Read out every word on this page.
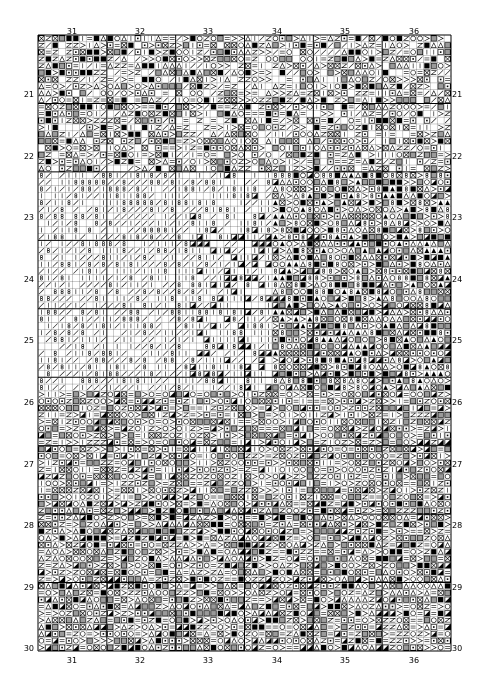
31	32	33	34	35	36
31	32	33	34	35	36
21
22
23
24
25
26
27
28
29
30
21
22
23
24
25
26
27
28
29
30
